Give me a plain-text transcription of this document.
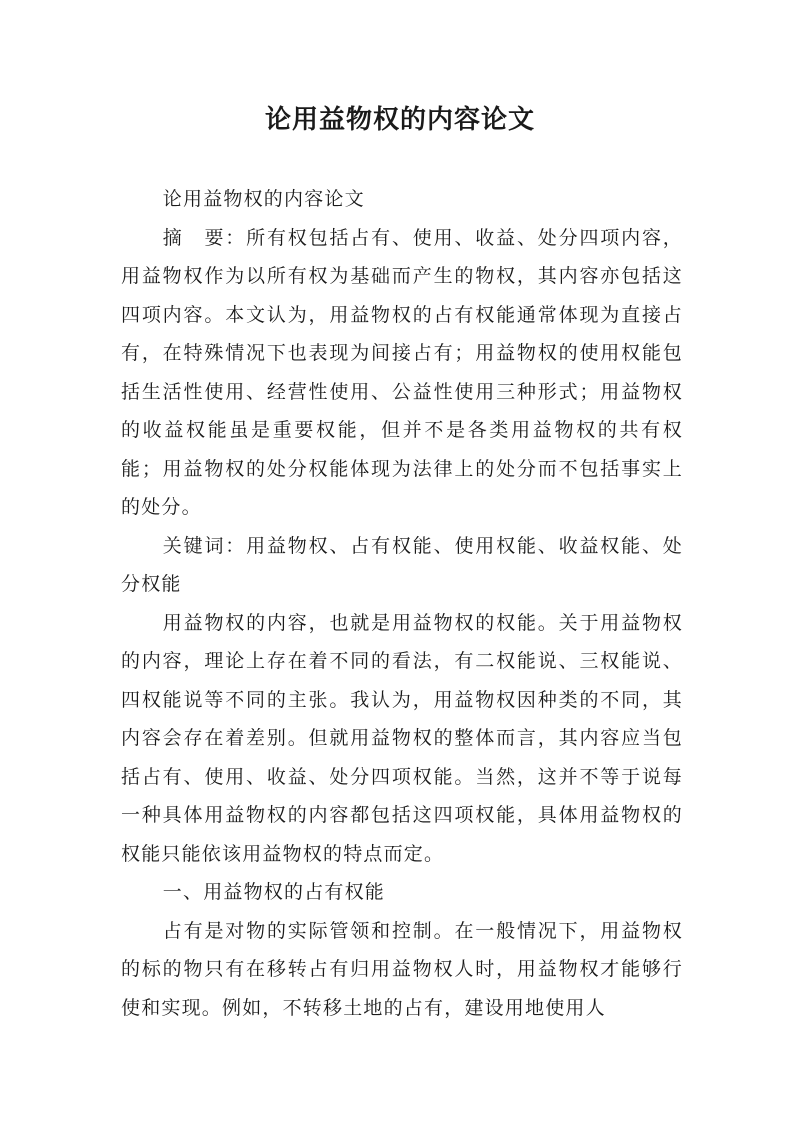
论用益物权的内容论文

论用益物权的内容论文

摘　要：所有权包括占有、使用、收益、处分四项内容，用益物权作为以所有权为基础而产生的物权，其内容亦包括这四项内容。本文认为，用益物权的占有权能通常体现为直接占有，在特殊情况下也表现为间接占有；用益物权的使用权能包括生活性使用、经营性使用、公益性使用三种形式；用益物权的收益权能虽是重要权能，但并不是各类用益物权的共有权能；用益物权的处分权能体现为法律上的处分而不包括事实上的处分。

关键词：用益物权、占有权能、使用权能、收益权能、处分权能

用益物权的内容，也就是用益物权的权能。关于用益物权的内容，理论上存在着不同的看法，有二权能说、三权能说、四权能说等不同的主张。我认为，用益物权因种类的不同，其内容会存在着差别。但就用益物权的整体而言，其内容应当包括占有、使用、收益、处分四项权能。当然，这并不等于说每一种具体用益物权的内容都包括这四项权能，具体用益物权的权能只能依该用益物权的特点而定。

一、用益物权的占有权能

占有是对物的实际管领和控制。在一般情况下，用益物权的标的物只有在移转占有归用益物权人时，用益物权才能够行使和实现。例如，不转移土地的占有，建设用地使用人
